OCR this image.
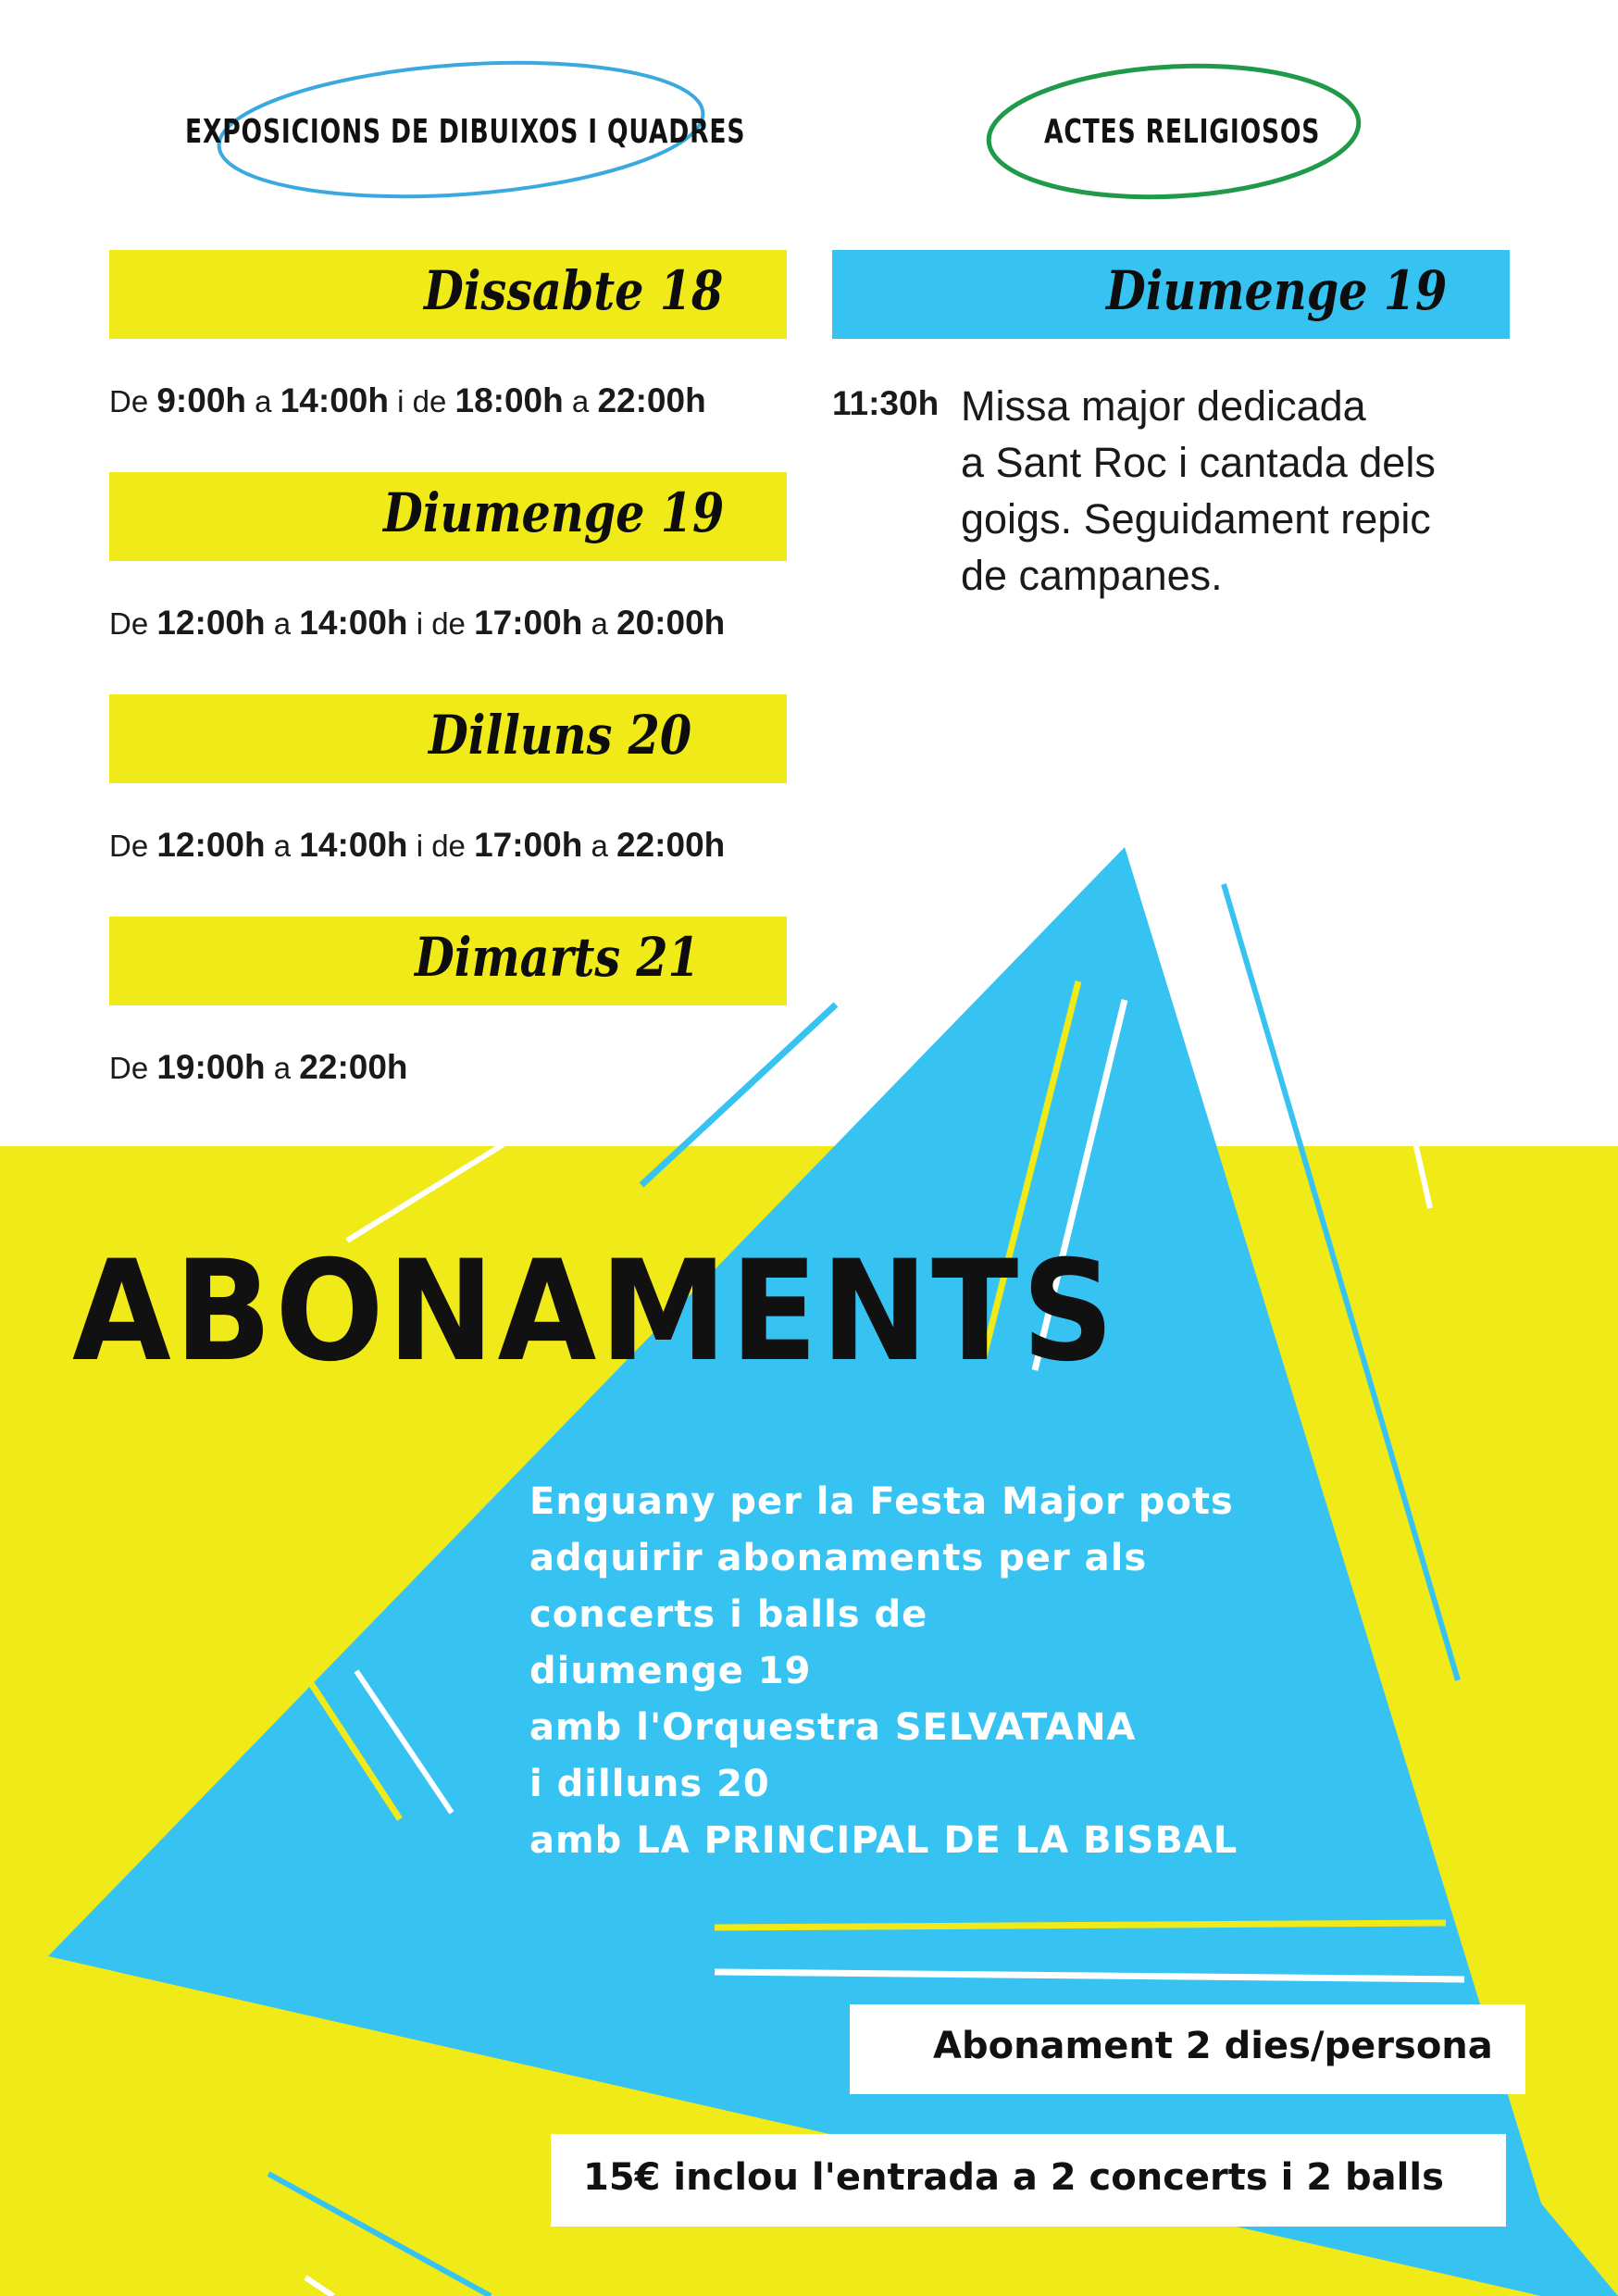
EXPOSICIONS DE DIBUIXOS I QUADRES	ACTES RELIGIOSOS
Dissabte 18
De 9:00h a 14:00h i de 18:00h a 22:00h
Diumenge 19
De 12:00h a 14:00h i de 17:00h a 20:00h
Dilluns 20
De 12:00h a 14:00h i de 17:00h a 22:00h
Dimarts 21
De 19:00h a 22:00h
Diumenge 19
11:30h Missa major dedicada
a Sant Roc i cantada dels
goigs. Seguidament repic
de campanes.
ABONAMENTS
Enguany per la Festa Major pots
adquirir abonaments per als
concerts i balls de
diumenge 19
amb l'Orquestra SELVATANA
i dilluns 20
amb LA PRINCIPAL DE LA BISBAL
Abonament 2 dies/persona
15€ inclou l'entrada a 2 concerts i 2 balls
